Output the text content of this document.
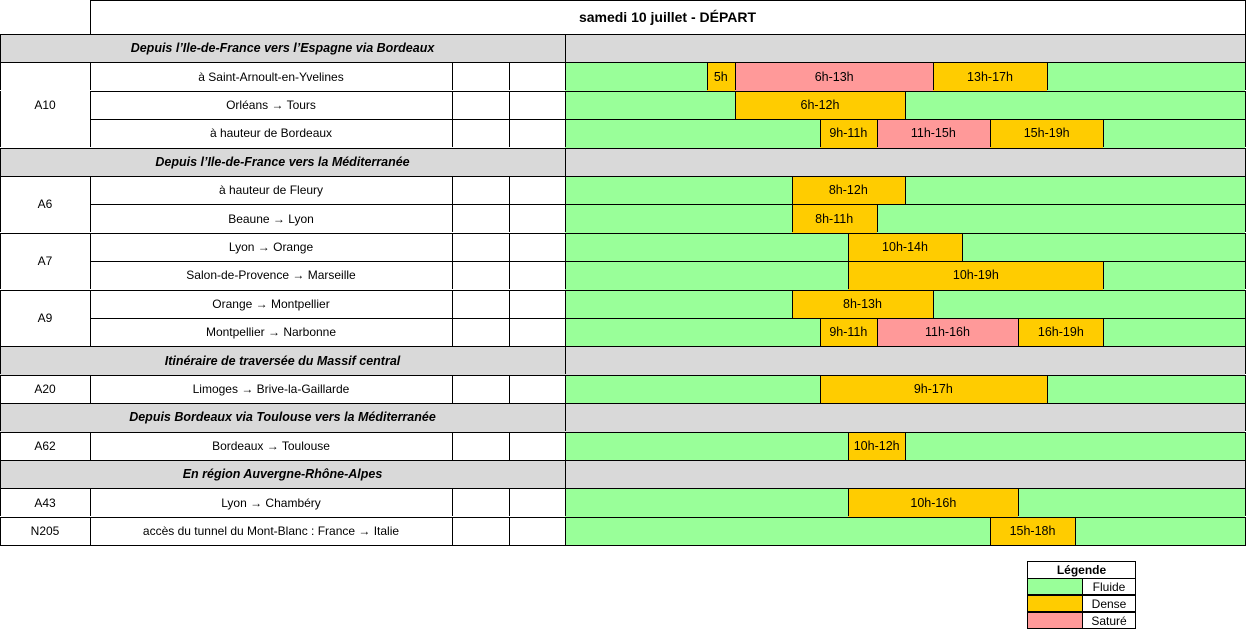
samedi 10 juillet - DÉPART
Depuis l’Ile-de-France vers l’Espagne via Bordeaux
A10
à Saint-Arnoult-en-Yvelines	5h	6h-13h	13h-17h
Orléans → Tours	6h-12h
à hauteur de Bordeaux	9h-11h	11h-15h	15h-19h
Depuis l’Ile-de-France vers la Méditerranée
A6
à hauteur de Fleury	8h-12h
Beaune → Lyon	8h-11h
A7
Lyon → Orange	10h-14h
Salon-de-Provence → Marseille	10h-19h
A9
Orange → Montpellier	8h-13h
Montpellier → Narbonne	9h-11h	11h-16h	16h-19h
Itinéraire de traversée du Massif central
A20	Limoges → Brive-la-Gaillarde	9h-17h
Depuis Bordeaux via Toulouse vers la Méditerranée
A62	Bordeaux → Toulouse	10h-12h
En région Auvergne-Rhône-Alpes
A43	Lyon → Chambéry	10h-16h
N205	accès du tunnel du Mont-Blanc : France → Italie	15h-18h
Légende
Fluide
Dense
Saturé
